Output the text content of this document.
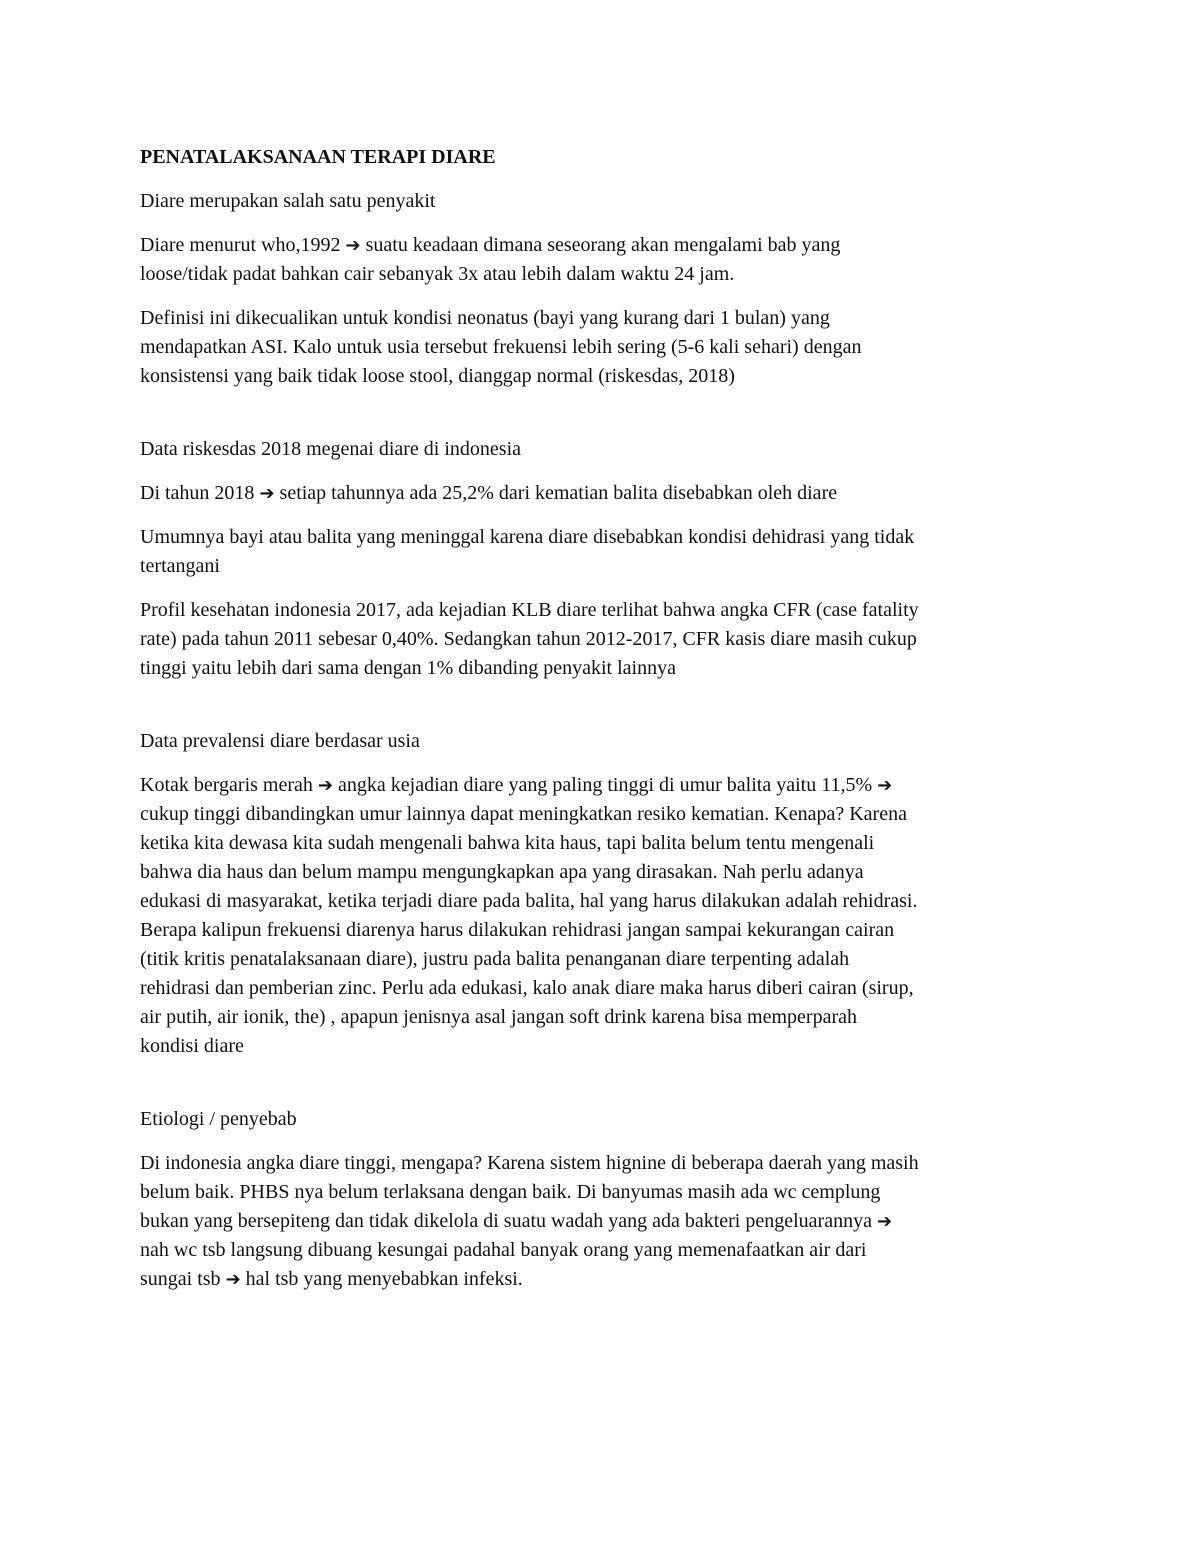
PENATALAKSANAAN TERAPI DIARE

Diare merupakan salah satu penyakit

Diare menurut who,1992 ➔ suatu keadaan dimana seseorang akan mengalami bab yang
loose/tidak padat bahkan cair sebanyak 3x atau lebih dalam waktu 24 jam.

Definisi ini dikecualikan untuk kondisi neonatus (bayi yang kurang dari 1 bulan) yang
mendapatkan ASI. Kalo untuk usia tersebut frekuensi lebih sering (5-6 kali sehari) dengan
konsistensi yang baik tidak loose stool, dianggap normal (riskesdas, 2018)

Data riskesdas 2018 megenai diare di indonesia

Di tahun 2018 ➔ setiap tahunnya ada 25,2% dari kematian balita disebabkan oleh diare

Umumnya bayi atau balita yang meninggal karena diare disebabkan kondisi dehidrasi yang tidak
tertangani

Profil kesehatan indonesia 2017, ada kejadian KLB diare terlihat bahwa angka CFR (case fatality
rate) pada tahun 2011 sebesar 0,40%. Sedangkan tahun 2012-2017, CFR kasis diare masih cukup
tinggi yaitu lebih dari sama dengan 1% dibanding penyakit lainnya

Data prevalensi diare berdasar usia

Kotak bergaris merah ➔ angka kejadian diare yang paling tinggi di umur balita yaitu 11,5% ➔
cukup tinggi dibandingkan umur lainnya dapat meningkatkan resiko kematian. Kenapa? Karena
ketika kita dewasa kita sudah mengenali bahwa kita haus, tapi balita belum tentu mengenali
bahwa dia haus dan belum mampu mengungkapkan apa yang dirasakan. Nah perlu adanya
edukasi di masyarakat, ketika terjadi diare pada balita, hal yang harus dilakukan adalah rehidrasi.
Berapa kalipun frekuensi diarenya harus dilakukan rehidrasi jangan sampai kekurangan cairan
(titik kritis penatalaksanaan diare), justru pada balita penanganan diare terpenting adalah
rehidrasi dan pemberian zinc. Perlu ada edukasi, kalo anak diare maka harus diberi cairan (sirup,
air putih, air ionik, the) , apapun jenisnya asal jangan soft drink karena bisa memperparah
kondisi diare

Etiologi / penyebab

Di indonesia angka diare tinggi, mengapa? Karena sistem hignine di beberapa daerah yang masih
belum baik. PHBS nya belum terlaksana dengan baik. Di banyumas masih ada wc cemplung
bukan yang bersepiteng dan tidak dikelola di suatu wadah yang ada bakteri pengeluarannya ➔
nah wc tsb langsung dibuang kesungai padahal banyak orang yang memenafaatkan air dari
sungai tsb ➔ hal tsb yang menyebabkan infeksi.
